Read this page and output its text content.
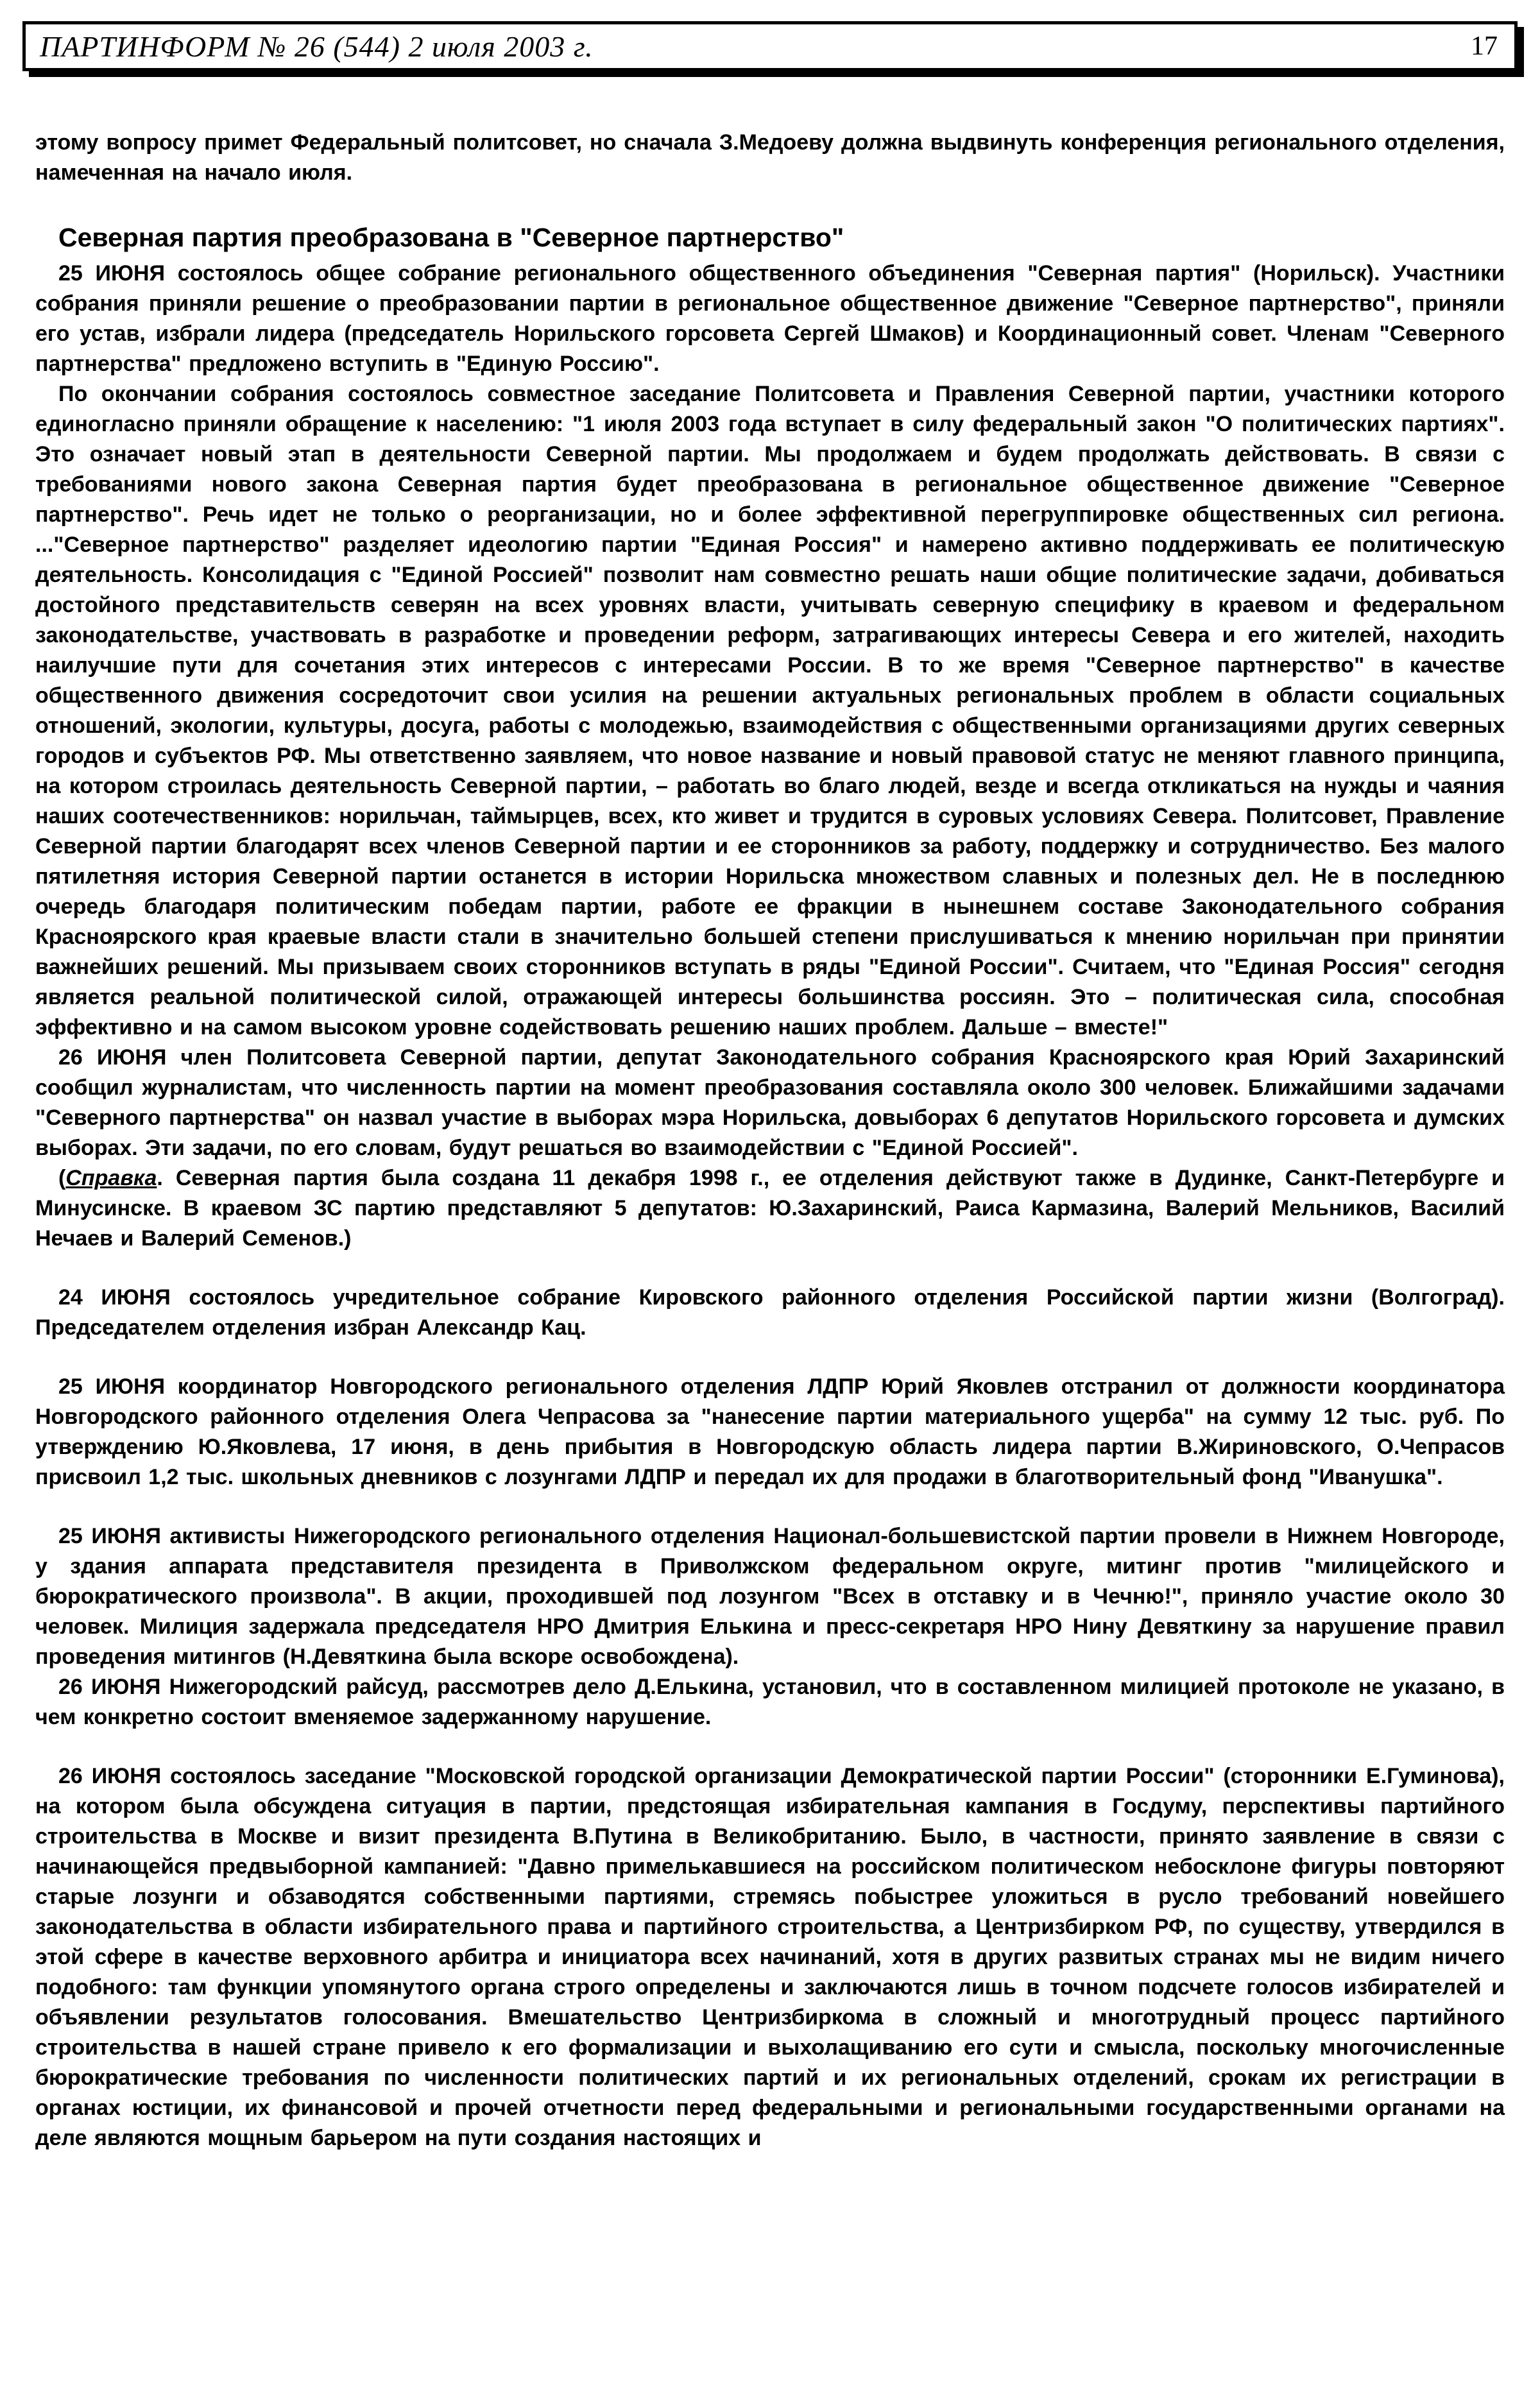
ПАРТИНФОРМ № 26 (544) 2 июля 2003 г.	17

этому вопросу примет Федеральный политсовет, но сначала З.Медоеву должна выдвинуть конференция регионального отделения, намеченная на начало июля.

Северная партия преобразована в "Северное партнерство"

25 ИЮНЯ состоялось общее собрание регионального общественного объединения "Северная партия" (Норильск). Участники собрания приняли решение о преобразовании партии в региональное общественное движение "Северное партнерство", приняли его устав, избрали лидера (председатель Норильского горсовета Сергей Шмаков) и Координационный совет. Членам "Северного партнерства" предложено вступить в "Единую Россию".

По окончании собрания состоялось совместное заседание Политсовета и Правления Северной партии, участники которого единогласно приняли обращение к населению: "1 июля 2003 года вступает в силу федеральный закон "О политических партиях". Это означает новый этап в деятельности Северной партии. Мы продолжаем и будем продолжать действовать. В связи с требованиями нового закона Северная партия будет преобразована в региональное общественное движение "Северное партнерство". Речь идет не только о реорганизации, но и более эффективной перегруппировке общественных сил региона. ..."Северное партнерство" разделяет идеологию партии "Единая Россия" и намерено активно поддерживать ее политическую деятельность. Консолидация с "Единой Россией" позволит нам совместно решать наши общие политические задачи, добиваться достойного представительств северян на всех уровнях власти, учитывать северную специфику в краевом и федеральном законодательстве, участвовать в разработке и проведении реформ, затрагивающих интересы Севера и его жителей, находить наилучшие пути для сочетания этих интересов с интересами России. В то же время "Северное партнерство" в качестве общественного движения сосредоточит свои усилия на решении актуальных региональных проблем в области социальных отношений, экологии, культуры, досуга, работы с молодежью, взаимодействия с общественными организациями других северных городов и субъектов РФ. Мы ответственно заявляем, что новое название и новый правовой статус не меняют главного принципа, на котором строилась деятельность Северной партии, – работать во благо людей, везде и всегда откликаться на нужды и чаяния наших соотечественников: норильчан, таймырцев, всех, кто живет и трудится в суровых условиях Севера. Политсовет, Правление Северной партии благодарят всех членов Северной партии и ее сторонников за работу, поддержку и сотрудничество. Без малого пятилетняя история Северной партии останется в истории Норильска множеством славных и полезных дел. Не в последнюю очередь благодаря политическим победам партии, работе ее фракции в нынешнем составе Законодательного собрания Красноярского края краевые власти стали в значительно большей степени прислушиваться к мнению норильчан при принятии важнейших решений. Мы призываем своих сторонников вступать в ряды "Единой России". Считаем, что "Единая Россия" сегодня является реальной политической силой, отражающей интересы большинства россиян. Это – политическая сила, способная эффективно и на самом высоком уровне содействовать решению наших проблем. Дальше – вместе!"

26 ИЮНЯ член Политсовета Северной партии, депутат Законодательного собрания Красноярского края Юрий Захаринский сообщил журналистам, что численность партии на момент преобразования составляла около 300 человек. Ближайшими задачами "Северного партнерства" он назвал участие в выборах мэра Норильска, довыборах 6 депутатов Норильского горсовета и думских выборах. Эти задачи, по его словам, будут решаться во взаимодействии с "Единой Россией".

(Справка. Северная партия была создана 11 декабря 1998 г., ее отделения действуют также в Дудинке, Санкт-Петербурге и Минусинске. В краевом ЗС партию представляют 5 депутатов: Ю.Захаринский, Раиса Кармазина, Валерий Мельников, Василий Нечаев и Валерий Семенов.)

24 ИЮНЯ состоялось учредительное собрание Кировского районного отделения Российской партии жизни (Волгоград). Председателем отделения избран Александр Кац.

25 ИЮНЯ координатор Новгородского регионального отделения ЛДПР Юрий Яковлев отстранил от должности координатора Новгородского районного отделения Олега Чепрасова за "нанесение партии материального ущерба" на сумму 12 тыс. руб. По утверждению Ю.Яковлева, 17 июня, в день прибытия в Новгородскую область лидера партии В.Жириновского, О.Чепрасов присвоил 1,2 тыс. школьных дневников с лозунгами ЛДПР и передал их для продажи в благотворительный фонд "Иванушка".

25 ИЮНЯ активисты Нижегородского регионального отделения Национал-большевистской партии провели в Нижнем Новгороде, у здания аппарата представителя президента в Приволжском федеральном округе, митинг против "милицейского и бюрократического произвола". В акции, проходившей под лозунгом "Всех в отставку и в Чечню!", приняло участие около 30 человек. Милиция задержала председателя НРО Дмитрия Елькина и пресс-секретаря НРО Нину Девяткину за нарушение правил проведения митингов (Н.Девяткина была вскоре освобождена).

26 ИЮНЯ Нижегородский райсуд, рассмотрев дело Д.Елькина, установил, что в составленном милицией протоколе не указано, в чем конкретно состоит вменяемое задержанному нарушение.

26 ИЮНЯ состоялось заседание "Московской городской организации Демократической партии России" (сторонники Е.Гуминова), на котором была обсуждена ситуация в партии, предстоящая избирательная кампания в Госдуму, перспективы партийного строительства в Москве и визит президента В.Путина в Великобританию. Было, в частности, принято заявление в связи с начинающейся предвыборной кампанией: "Давно примелькавшиеся на российском политическом небосклоне фигуры повторяют старые лозунги и обзаводятся собственными партиями, стремясь побыстрее уложиться в русло требований новейшего законодательства в области избирательного права и партийного строительства, а Центризбирком РФ, по существу, утвердился в этой сфере в качестве верховного арбитра и инициатора всех начинаний, хотя в других развитых странах мы не видим ничего подобного: там функции упомянутого органа строго определены и заключаются лишь в точном подсчете голосов избирателей и объявлении результатов голосования. Вмешательство Центризбиркома в сложный и многотрудный процесс партийного строительства в нашей стране привело к его формализации и выхолащиванию его сути и смысла, поскольку многочисленные бюрократические требования по численности политических партий и их региональных отделений, срокам их регистрации в органах юстиции, их финансовой и прочей отчетности перед федеральными и региональными государственными органами на деле являются мощным барьером на пути создания настоящих и
